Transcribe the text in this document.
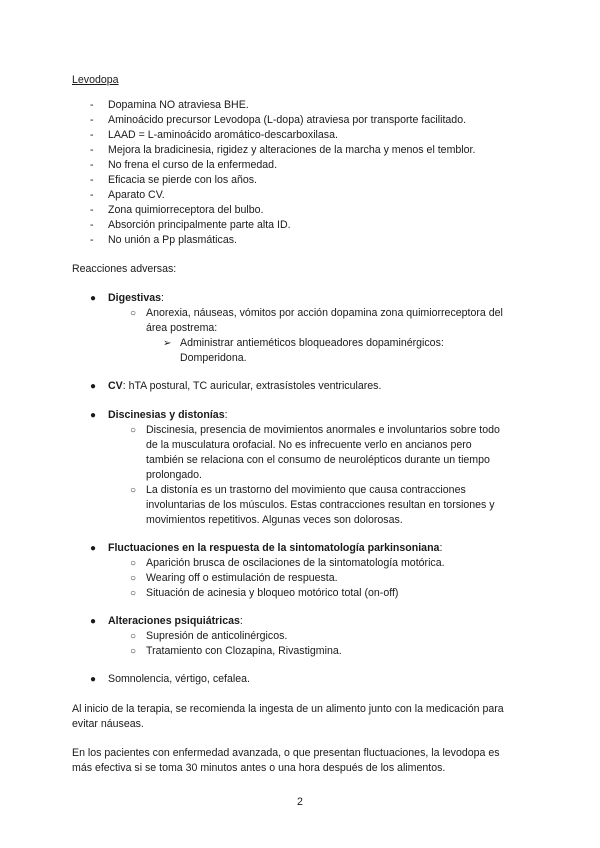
Levodopa
- Dopamina NO atraviesa BHE.
- Aminoácido precursor Levodopa (L-dopa) atraviesa por transporte facilitado.
- LAAD = L-aminoácido aromático-descarboxilasa.
- Mejora la bradicinesia, rigidez y alteraciones de la marcha y menos el temblor.
- No frena el curso de la enfermedad.
- Eficacia se pierde con los años.
- Aparato CV.
- Zona quimiorreceptora del bulbo.
- Absorción principalmente parte alta ID.
- No unión a Pp plasmáticas.
Reacciones adversas:
● Digestivas:
○ Anorexia, náuseas, vómitos por acción dopamina zona quimiorreceptora del
área postrema:
➢ Administrar antieméticos bloqueadores dopaminérgicos:
Domperidona.
● CV: hTA postural, TC auricular, extrasístoles ventriculares.
● Discinesias y distonías:
○ Discinesia, presencia de movimientos anormales e involuntarios sobre todo
de la musculatura orofacial. No es infrecuente verlo en ancianos pero
también se relaciona con el consumo de neurolépticos durante un tiempo
prolongado.
○ La distonía es un trastorno del movimiento que causa contracciones
involuntarias de los músculos. Estas contracciones resultan en torsiones y
movimientos repetitivos. Algunas veces son dolorosas.
● Fluctuaciones en la respuesta de la sintomatología parkinsoniana:
○ Aparición brusca de oscilaciones de la sintomatología motórica.
○ Wearing off o estimulación de respuesta.
○ Situación de acinesia y bloqueo motórico total (on-off)
● Alteraciones psiquiátricas:
○ Supresión de anticolinérgicos.
○ Tratamiento con Clozapina, Rivastigmina.
● Somnolencia, vértigo, cefalea.
Al inicio de la terapia, se recomienda la ingesta de un alimento junto con la medicación para
evitar náuseas.
En los pacientes con enfermedad avanzada, o que presentan fluctuaciones, la levodopa es
más efectiva si se toma 30 minutos antes o una hora después de los alimentos.
2
